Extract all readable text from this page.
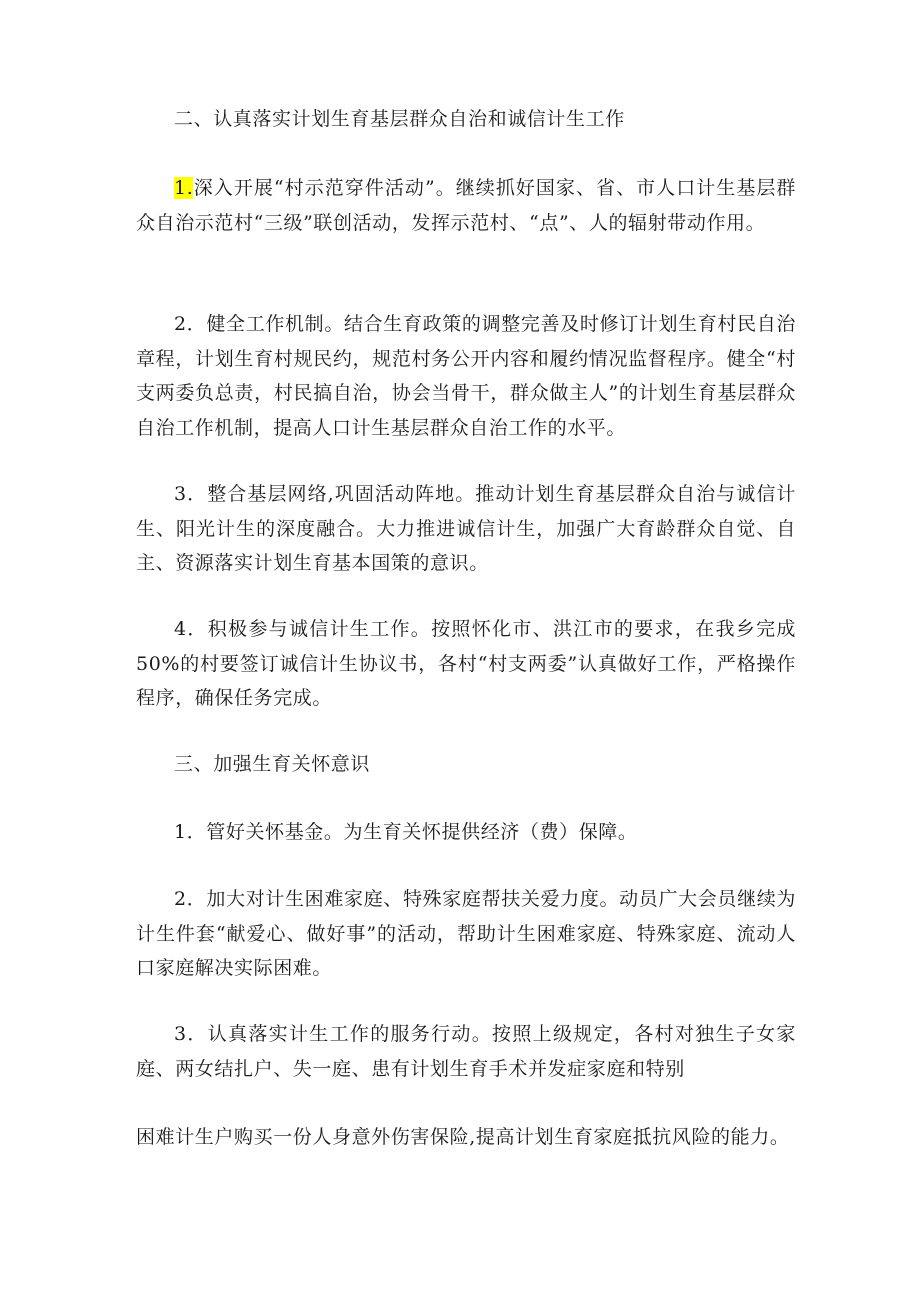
二、认真落实计划生育基层群众自治和诚信计生工作

1.深入开展“村示范穿件活动”。继续抓好国家、省、市人口计生基层群众自治示范村“三级”联创活动，发挥示范村、“点”、人的辐射带动作用。

2．健全工作机制。结合生育政策的调整完善及时修订计划生育村民自治章程，计划生育村规民约，规范村务公开内容和履约情况监督程序。健全“村支两委负总责，村民搞自治，协会当骨干，群众做主人”的计划生育基层群众自治工作机制，提高人口计生基层群众自治工作的水平。

3．整合基层网络,巩固活动阵地。推动计划生育基层群众自治与诚信计生、阳光计生的深度融合。大力推进诚信计生，加强广大育龄群众自觉、自主、资源落实计划生育基本国策的意识。

4．积极参与诚信计生工作。按照怀化市、洪江市的要求，在我乡完成50%的村要签订诚信计生协议书，各村“村支两委”认真做好工作，严格操作程序，确保任务完成。

三、加强生育关怀意识

1．管好关怀基金。为生育关怀提供经济（费）保障。

2．加大对计生困难家庭、特殊家庭帮扶关爱力度。动员广大会员继续为计生件套“献爱心、做好事”的活动，帮助计生困难家庭、特殊家庭、流动人口家庭解决实际困难。

3．认真落实计生工作的服务行动。按照上级规定，各村对独生子女家庭、两女结扎户、失一庭、患有计划生育手术并发症家庭和特别

困难计生户购买一份人身意外伤害保险,提高计划生育家庭抵抗风险的能力。
